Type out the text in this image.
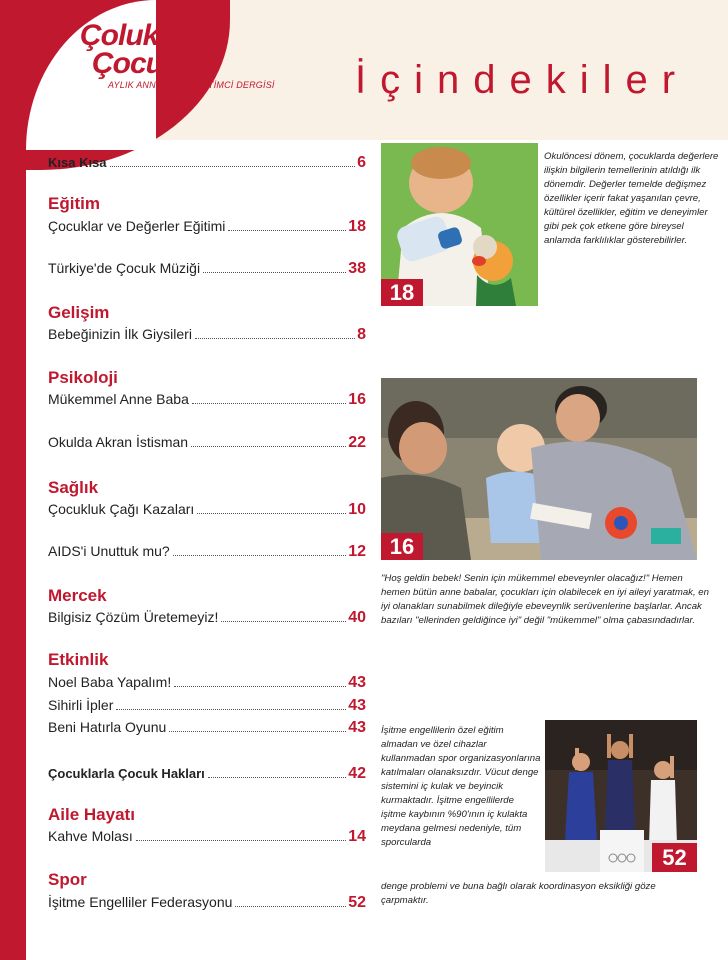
Çoluk
Çocuk
AYLIK ANNE BABA EĞİTİMCİ DERGİSİ İçindekiler
Kısa Kısa	6
Eğitim
Çocuklar ve Değerler Eğitimi	18
Türkiye'de Çocuk Müziği	38
Gelişim
Bebeğinizin İlk Giysileri	8
Psikoloji
Mükemmel Anne Baba	16
Okulda Akran İstisman	22
Sağlık
Çocukluk Çağı Kazaları	10
AIDS'i Unuttuk mu?	12
Mercek
Bilgisiz Çözüm Üretemeyiz!	40
Etkinlik
Noel Baba Yapalım!	43
Sihirli İpler	43
Beni Hatırla Oyunu	43
Çocuklarla Çocuk Hakları	42
Aile Hayatı
Kahve Molası	14
Spor
İşitme Engelliler Federasyonu	52
18
Okulöncesi dönem, çocuklarda değerlere ilişkin bilgilerin temellerinin atıldığı ilk dönemdir. Değerler temelde değişmez özellikler içerir fakat yaşanılan çevre, kültürel özellikler, eğitim ve deneyimler gibi pek çok etkene göre bireysel anlamda farklılıklar gösterebilirler.
16
"Hoş geldin bebek! Senin için mükemmel ebeveynler olacağız!" Hemen hemen bütün anne babalar, çocukları için olabilecek en iyi aileyi yaratmak, en iyi olanakları sunabilmek dileğiyle ebeveynlik serüvenlerine başlarlar. Ancak bazıları "ellerinden geldiğince iyi" değil "mükemmel" olma çabasındadırlar.
52
İşitme engellilerin özel eğitim almadan ve özel cihazlar kullanmadan spor organizasyonlarına katılmaları olanaksızdır. Vücut denge sistemini iç kulak ve beyincik kurmaktadır. İşitme engellilerde işitme kaybının %90'ının iç kulakta meydana gelmesi nedeniyle, tüm sporcularda
denge problemi ve buna bağlı olarak koordinasyon eksikliği göze çarpmaktır.
